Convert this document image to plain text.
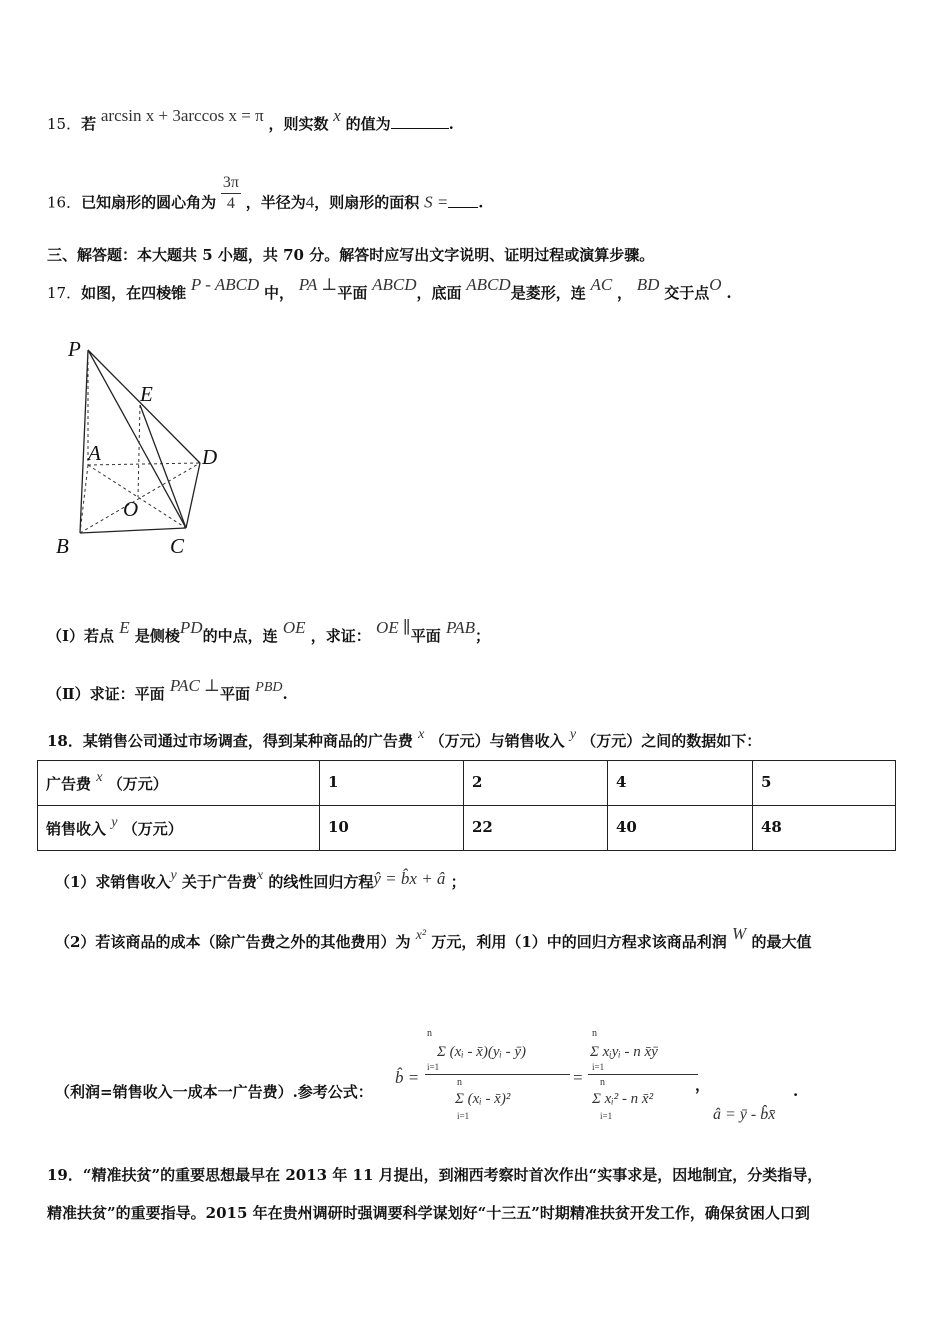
15．若 arcsin x + 3arccos x = π ，则实数 x 的值为	.
16．已知扇形的圆心角为 $\frac{3\pi}{4}$ ，半径为4，则扇形的面积 S = .
三、解答题：本大题共 5 小题，共 70 分。解答时应写出文字说明、证明过程或演算步骤。
17．如图，在四棱锥 P - ABCD 中， PA ⊥平面 ABCD，底面 ABCD是菱形，连 AC ， BD 交于点O .
P
E
A	D
O
B	C
（Ⅰ）若点 E 是侧棱PD的中点，连 OE ，求证： OE ∥平面 PAB；
（Ⅱ）求证：平面 PAC ⊥平面 PBD.
18．某销售公司通过市场调查，得到某种商品的广告费 x （万元）与销售收入 y （万元）之间的数据如下：
广告费 x （万元）	1	2	4	5
销售收入 y （万元）	10	22	40	48
（1）求销售收入y 关于广告费x 的线性回归方程ŷ = b̂x + â ；
（2）若该商品的成本（除广告费之外的其他费用）为 x² 万元，利用（1）中的回归方程求该商品利润 W 的最大值
（利润=销售收入一成本一广告费）.参考公式：
b̂ = n
Σ (xᵢ - x̄)(yᵢ - ȳ)
i=1
n
Σ (xᵢ - x̄)²
i=1 =
n
Σ xᵢyᵢ - n x̄ȳ
i=1
n
Σ xᵢ² - n x̄²
i=1
，
â = ȳ - b̂x̄
.
19．“精准扶贫”的重要思想最早在 2013 年 11 月提出，到湘西考察时首次作出“实事求是，因地制宜，分类指导，
精准扶贫”的重要指导。2015 年在贵州调研时强调要科学谋划好“十三五”时期精准扶贫开发工作，确保贫困人口到
